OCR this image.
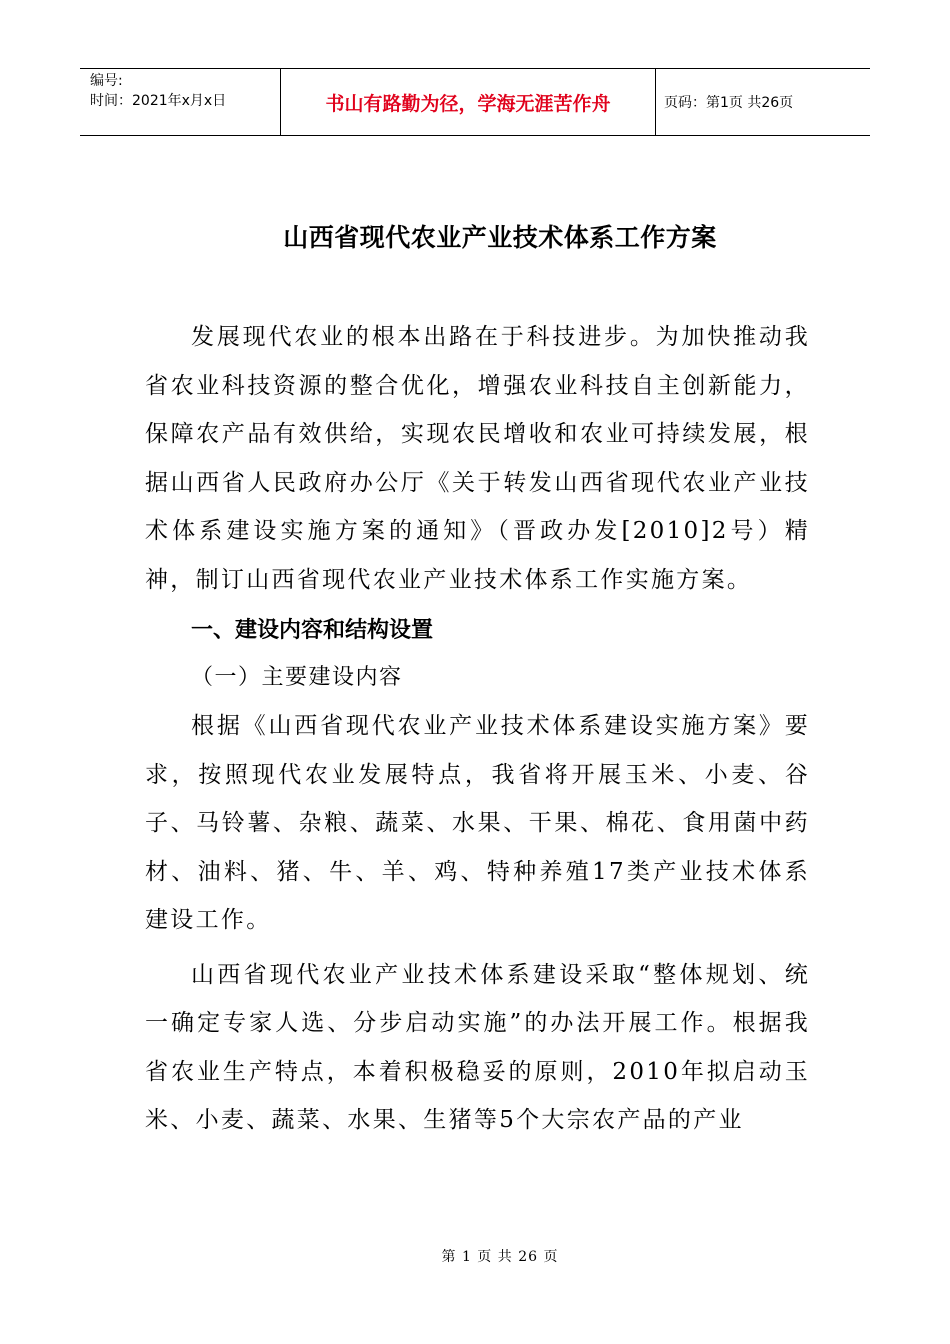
编号:
时间：2021年x月x日	书山有路勤为径，学海无涯苦作舟	页码：第1页 共26页
山西省现代农业产业技术体系工作方案

发展现代农业的根本出路在于科技进步。为加快推动我省农业科技资源的整合优化，增强农业科技自主创新能力，保障农产品有效供给，实现农民增收和农业可持续发展，根据山西省人民政府办公厅《关于转发山西省现代农业产业技术体系建设实施方案的通知》（晋政办发[2010]2号）精神，制订山西省现代农业产业技术体系工作实施方案。

一、建设内容和结构设置

（一）主要建设内容

根据《山西省现代农业产业技术体系建设实施方案》要求，按照现代农业发展特点，我省将开展玉米、小麦、谷子、马铃薯、杂粮、蔬菜、水果、干果、棉花、食用菌中药材、油料、猪、牛、羊、鸡、特种养殖17类产业技术体系建设工作。

山西省现代农业产业技术体系建设采取“整体规划、统一确定专家人选、分步启动实施”的办法开展工作。根据我省农业生产特点，本着积极稳妥的原则，2010年拟启动玉米、小麦、蔬菜、水果、生猪等5个大宗农产品的产业

第 1 页 共 26 页
